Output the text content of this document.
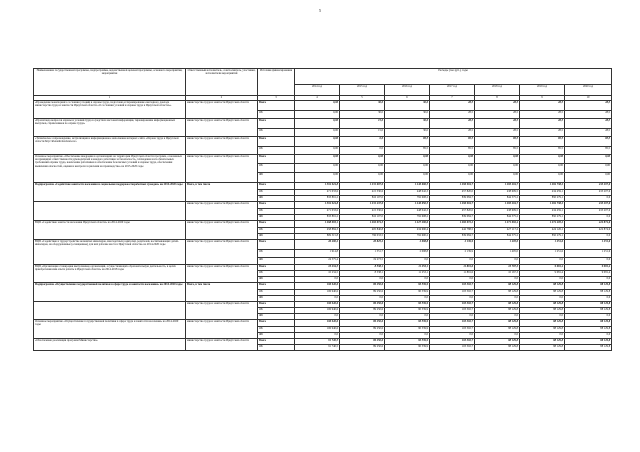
5
Наименование государственной программы, подпрограммы, ведомственной целевой программы, основного мероприятия, мероприятия	Ответственный исполнитель, соисполнитель, участники, исполнители мероприятий	Источник финансирования	Расходы (тыс.руб.), годы						
			2014 год	2015 год	2016 год	2017 год	2018 год	2019 год	2020 год
1	2	3	4	5	6	7	8	9	10
«Проведение мониторинга состояния условий и охраны труда, подготовка и тиражирование ежегодного доклада министерства труда и занятости Иркутской области «О состоянии условий и охраны труда в Иркутской области»»	министерство труда и занятости Иркутской области	Всего	0,00	30,0	30,0	28,5	28,5	28,5	28,5
		ОБ	0,00	30,0	30,0	28,5	28,5	28,5	28,5
«Пропаганда вопросов охраны и условий труда в средствах массовой информации, тиражирование информационных выпусков, справочников по охране труда»	министерство труда и занятости Иркутской области	Всего	0,00	15,0	30,0	28,5	28,5	28,5	28,5
		ОБ	0,00	15,0	30,0	28,5	28,5	28,5	28,5
«Техническое сопровождение, актуализация и информационное наполнение интернет-сайта «Охрана труда в Иркутской области http://irkzanitrda.irkzan.ru/»	министерство труда и занятости Иркутской области	Всего	0,00	0,0	85,5	85,5	85,5	85,5	85,5
		ОБ	0,00	0,0	85,5	85,5	85,5	85,5	85,5
Основное мероприятие «Обеспечение внедрения в организациях на территории Иркутской области программ, основанных на принципах ответственности руководителей и каждого работника за безопасность, соблюдение всех обязательных требований охраны труда, вовлечение работников в обеспечение безопасных условий и охраны труда, обеспечения выявления опасностей, оценки и контроля за рисками на производстве» на 2015-2020 годы	министерство труда и занятости Иркутской области	Всего	0,00	0,00	0,00	0,00	0,00	0,00	0,00
		ОБ	0,00	0,00	0,00	0,00	0,00	0,00	0,00
		ФБ	0,00	0,00	0,00	0,00	0,00	0,00	0,00
Подпрограмма «Содействие занятости населения и социальная поддержка безработных граждан» на 2014-2020 годы	Всего, в том числе	Всего	1 304 924,8	1 231 607,6	1 240 606,5	1 296 904,7	1 283 204,7	1 284 738,2	433 207,6
		ОБ	471 033,6	415 330,6	448 042,3	457 820,0	438 609,5	434 459,1	433 207,6
		ФБ	833 891,2	816 107,0	792 608,2	839 084,7	844 575,2	850 279,1	0,0
	министерство труда и занятости Иркутской области	Всего	1 304 924,8	1 231 437,6	1 240 650,5	1 296 904,7	1 283 204,7	1 284 738,2	433 207,6
		ОБ	471 033,6	415 330,6	448 042,3	457 820,0	438 609,5	434 459,1	433 207,6
		ФБ	833 891,2	816 107,0	792 608,2	839 084,7	844 575,2	850 279,1	0,0
ВЦП «Содействие занятости населения Иркутской области» на 2014-2020 годы	министерство труда и занятости Иркутской области	Всего	1 268 093,1	1 202 074,3	1 227 290,6	1 282 072,2	1 271 092,4	1 274 405,2	422 874,6
		ОБ	458 884,3	405 840,8	434 690,4	442 788,5	427 117,2	424 126,1	422 874,6
		ФБ	809 315,8	796 033,5	792 600,2	839 084,7	844 575,2	850 279,1	0,0
ВЦП «Содействие в трудоустройстве незанятых инвалидов, многодетных родителей, родителей, воспитывающих детей-инвалидов, на оборудованные (оснащенные) для них рабочие места в Иркутской области» на 2014-2020 годы	министерство труда и занятости Иркутской области	Всего	26 490,2	20 825,2	2 098,8	2 139,9	1 405,0	1 251,6	1 251,6
		ОБ	1 914,8	1 551,7	2 098,8	2 139,9	1 405,0	1 251,6	1 251,6
		ФБ	24 575,4	19 273,5	0,0	0,0	0,0	0,0	0,0
ВЦП «Организация стажировки выпускников организаций, осуществляющих образовательную деятельность, в целях приобретения ими опыта работы в Иркутской области» на 2014-2018 годы	министерство труда и занятости Иркутской области	Всего	10 234,5	8 538,1	11 253,1	11 891,6	10 707,3	9 081,4	9 081,4
		ОБ	10 234,5	8 538,1	11 253,1	11 891,6	10 167,3	9 081,4	9 081,4
		ФБ	0,0	0,0	0,0	0,0	0,0	0,0	0,0
Подпрограмма «Осуществление государственной политики в сфере труда и занятости населения» на 2014-2020 годы	Всего, в том числе	Всего	106 940,6	89 250,6	90 539,9	103 302,7	88 129,8	88 129,8	88 129,8
		ОБ	106 940,6	89 250,6	90 539,9	103 302,7	88 129,8	88 129,8	88 129,8
		ФБ	0,0	0,0	0,0	0,0	0,0	0,0	0,0
	министерство труда и занятости Иркутской области	Всего	106 940,6	89 250,6	90 539,9	103 302,7	88 129,8	88 129,8	88 129,8
		ОБ	106 940,6	89 250,6	90 539,9	103 302,7	88 129,8	88 129,8	88 129,8
		ФБ	0,0	0,0	0,0	0,0	0,0	0,0	0,0
Основное мероприятие «Осуществление государственной политики в сфере труда и занятости населения» на 2014-2020 годы	министерство труда и занятости Иркутской области	Всего	106 940,6	89 250,6	90 539,9	103 302,7	88 129,8	88 129,8	88 129,8
		ОБ	106 940,6	89 250,6	90 539,9	103 302,7	88 129,8	88 129,8	88 129,8
		ФБ	0,0	0,0	0,0	0,0	0,0	0,0	0,0
«Обеспечение реализации программ Министерства»	министерство труда и занятости Иркутской области	Всего	91 740,5	89 250,6	90 539,9	103 302,7	88 129,8	88 129,8	88 129,8
		ОБ	91 740,5	89 250,6	90 539,9	103 302,7	88 129,8	88 129,8	88 129,8
